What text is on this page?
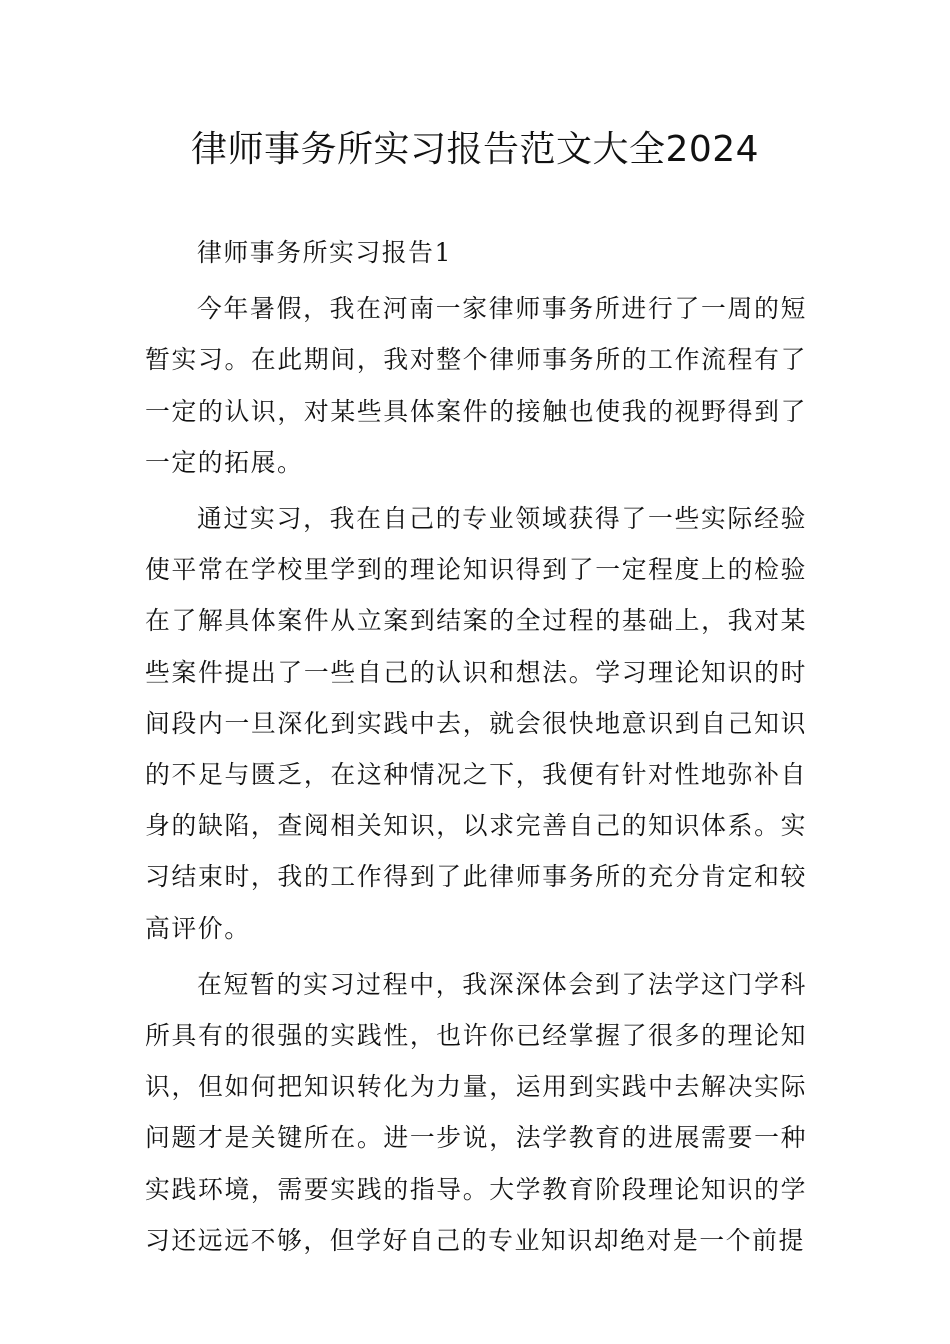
律师事务所实习报告范文大全2024

律师事务所实习报告1

今年暑假，我在河南一家律师事务所进行了一周的短暂实习。在此期间，我对整个律师事务所的工作流程有了一定的认识，对某些具体案件的接触也使我的视野得到了一定的拓展。

通过实习，我在自己的专业领域获得了一些实际经验使平常在学校里学到的理论知识得到了一定程度上的检验在了解具体案件从立案到结案的全过程的基础上，我对某些案件提出了一些自己的认识和想法。学习理论知识的时间段内一旦深化到实践中去，就会很快地意识到自己知识的不足与匮乏，在这种情况之下，我便有针对性地弥补自身的缺陷，查阅相关知识，以求完善自己的知识体系。实习结束时，我的工作得到了此律师事务所的充分肯定和较高评价。

在短暂的实习过程中，我深深体会到了法学这门学科所具有的很强的实践性，也许你已经掌握了很多的理论知识，但如何把知识转化为力量，运用到实践中去解决实际问题才是关键所在。进一步说，法学教育的进展需要一种实践环境，需要实践的指导。大学教育阶段理论知识的学习还远远不够，但学好自己的专业知识却绝对是一个前提
